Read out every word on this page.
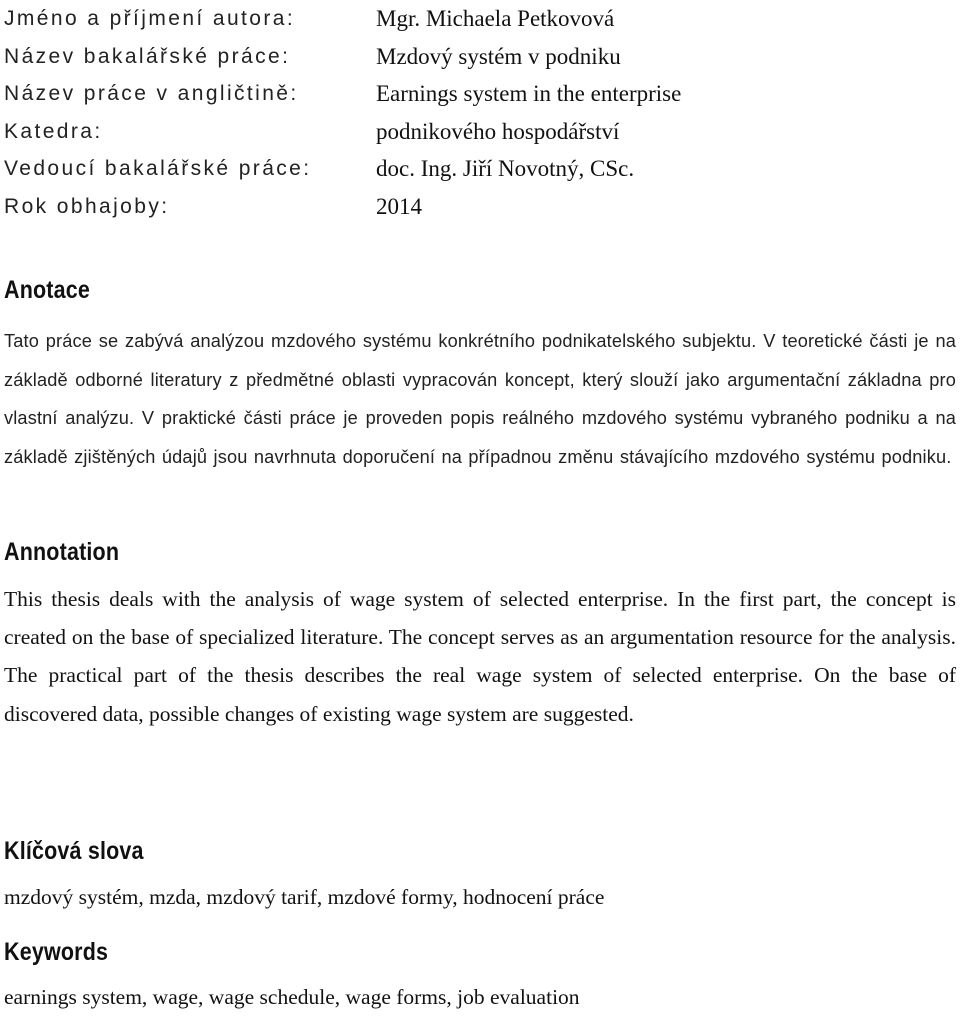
Jméno a příjmení autora:	Mgr. Michaela Petkovová
Název bakalářské práce:	Mzdový systém v podniku
Název práce v angličtině:	Earnings system in the enterprise
Katedra:	podnikového hospodářství
Vedoucí bakalářské práce:	doc. Ing. Jiří Novotný, CSc.
Rok obhajoby:	2014
Anotace

Tato práce se zabývá analýzou mzdového systému konkrétního podnikatelského subjektu. V teoretické části je na základě odborné literatury z předmětné oblasti vypracován koncept, který slouží jako argumentační základna pro vlastní analýzu. V praktické části práce je proveden popis reálného mzdového systému vybraného podniku a na základě zjištěných údajů jsou navrhnuta doporučení na případnou změnu stávajícího mzdového systému podniku.

Annotation

This thesis deals with the analysis of wage system of selected enterprise. In the first part, the concept is created on the base of specialized literature. The concept serves as an argumentation resource for the analysis. The practical part of the thesis describes the real wage system of selected enterprise. On the base of discovered data, possible changes of existing wage system are suggested.

Klíčová slova

mzdový systém, mzda, mzdový tarif, mzdové formy, hodnocení práce

Keywords

earnings system, wage, wage schedule, wage forms, job evaluation
